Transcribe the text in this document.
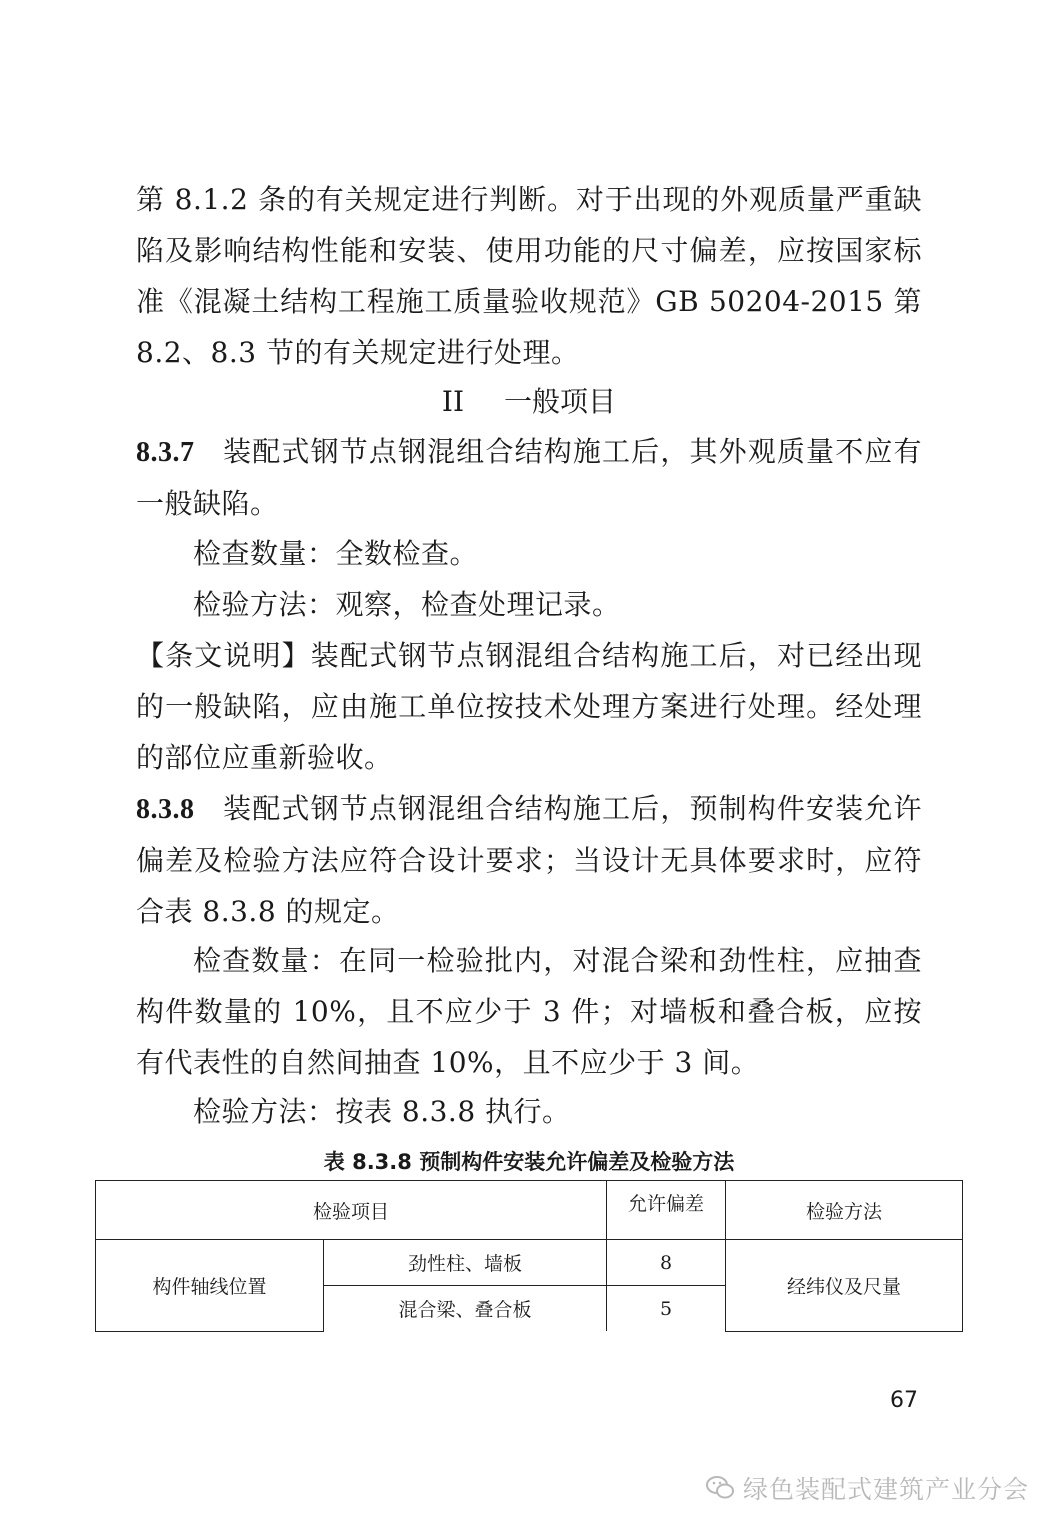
第 8.1.2 条的有关规定进行判断。对于出现的外观质量严重缺陷及影响结构性能和安装、使用功能的尺寸偏差，应按国家标准《混凝土结构工程施工质量验收规范》GB 50204-2015 第 8.2、8.3 节的有关规定进行处理。

II 一般项目

8.3.7 装配式钢节点钢混组合结构施工后，其外观质量不应有一般缺陷。

检查数量：全数检查。

检验方法：观察，检查处理记录。

【条文说明】装配式钢节点钢混组合结构施工后，对已经出现的一般缺陷，应由施工单位按技术处理方案进行处理。经处理的部位应重新验收。

8.3.8 装配式钢节点钢混组合结构施工后，预制构件安装允许偏差及检验方法应符合设计要求；当设计无具体要求时，应符合表 8.3.8 的规定。

检查数量：在同一检验批内，对混合梁和劲性柱，应抽查构件数量的 10%，且不应少于 3 件；对墙板和叠合板，应按有代表性的自然间抽查 10%，且不应少于 3 间。

检验方法：按表 8.3.8 执行。

表 8.3.8 预制构件安装允许偏差及检验方法
检验项目		允许偏差	检验方法
构件轴线位置	劲性柱、墙板	8	经纬仪及尺量
	混合梁、叠合板	5	
67
绿色装配式建筑产业分会
